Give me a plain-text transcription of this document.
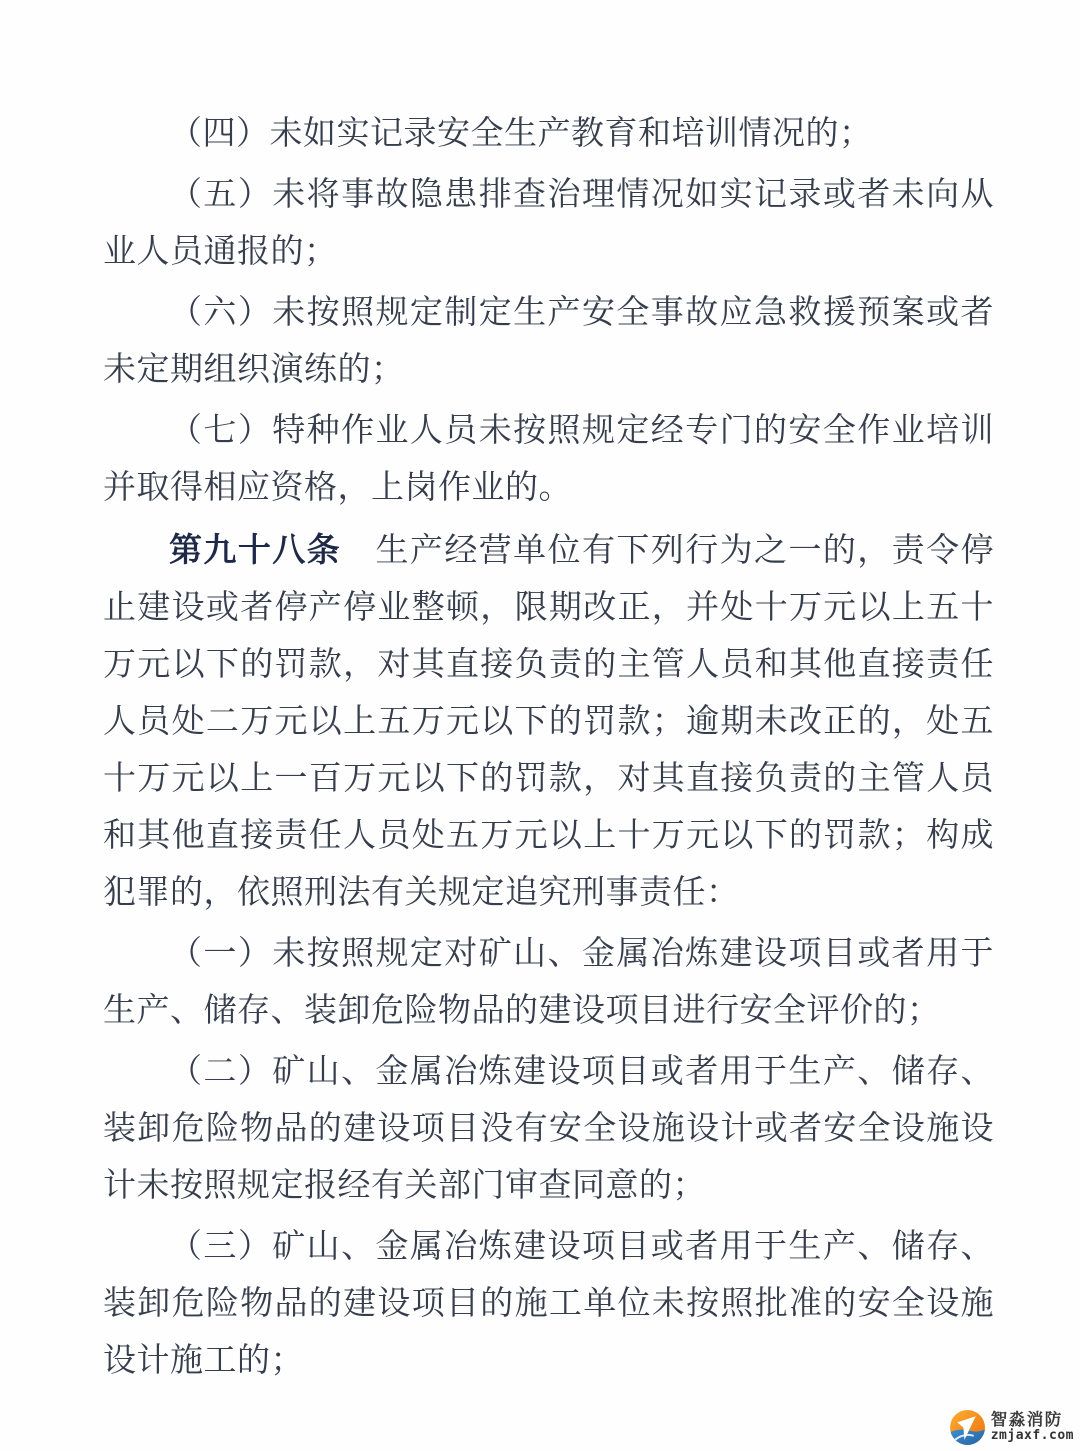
（四）未如实记录安全生产教育和培训情况的；

（五）未将事故隐患排查治理情况如实记录或者未向从业人员通报的；

（六）未按照规定制定生产安全事故应急救援预案或者未定期组织演练的；

（七）特种作业人员未按照规定经专门的安全作业培训并取得相应资格，上岗作业的。

第九十八条　生产经营单位有下列行为之一的，责令停止建设或者停产停业整顿，限期改正，并处十万元以上五十万元以下的罚款，对其直接负责的主管人员和其他直接责任人员处二万元以上五万元以下的罚款；逾期未改正的，处五十万元以上一百万元以下的罚款，对其直接负责的主管人员和其他直接责任人员处五万元以上十万元以下的罚款；构成犯罪的，依照刑法有关规定追究刑事责任：

（一）未按照规定对矿山、金属冶炼建设项目或者用于生产、储存、装卸危险物品的建设项目进行安全评价的；

（二）矿山、金属冶炼建设项目或者用于生产、储存、装卸危险物品的建设项目没有安全设施设计或者安全设施设计未按照规定报经有关部门审查同意的；

（三）矿山、金属冶炼建设项目或者用于生产、储存、装卸危险物品的建设项目的施工单位未按照批准的安全设施设计施工的；

智淼消防
zmjaxf.com
